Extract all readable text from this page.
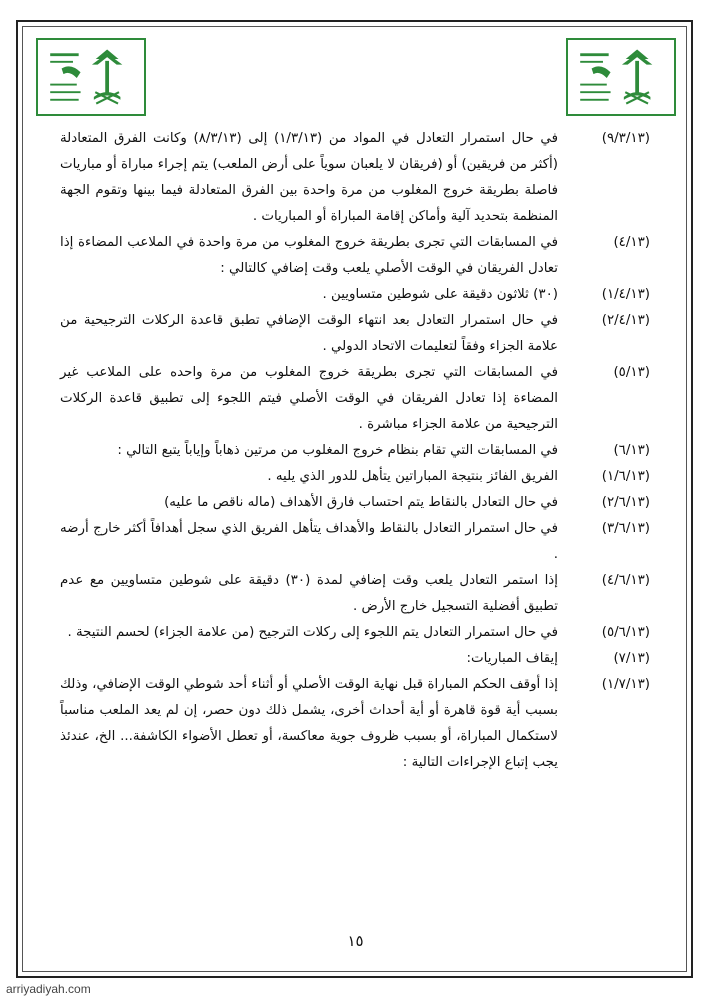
(٩/٣/١٣)
في حال استمرار التعادل في المواد من (١/٣/١٣) إلى (٨/٣/١٣) وكانت الفرق المتعادلة (أكثر من فريقين) أو (فريقان لا يلعبان سوياً على أرض الملعب) يتم إجراء مباراة أو مباريات فاصلة بطريقة خروج المغلوب من مرة واحدة بين الفرق المتعادلة فيما بينها وتقوم الجهة المنظمة بتحديد آلية وأماكن إقامة المباراة أو المباريات .
(٤/١٣)
في المسابقات التي تجرى بطريقة خروج المغلوب من مرة واحدة في الملاعب المضاءة إذا تعادل الفريقان في الوقت الأصلي يلعب وقت إضافي كالتالي :
(١/٤/١٣)
(٣٠) ثلاثون دقيقة على شوطين متساويين .
(٢/٤/١٣)
في حال استمرار التعادل بعد انتهاء الوقت الإضافي تطبق قاعدة الركلات الترجيحية من علامة الجزاء وفقاً لتعليمات الاتحاد الدولي .
(٥/١٣)
في المسابقات التي تجرى بطريقة خروج المغلوب من مرة واحده على الملاعب غير المضاءة إذا تعادل الفريقان في الوقت الأصلي فيتم اللجوء إلى تطبيق قاعدة الركلات الترجيحية من علامة الجزاء مباشرة .
(٦/١٣)
في المسابقات التي تقام بنظام خروج المغلوب من مرتين ذهاباً وإياباً يتبع التالي :
(١/٦/١٣)
الفريق الفائز بنتيجة المباراتين يتأهل للدور الذي يليه .
(٢/٦/١٣)
في حال التعادل بالنقاط يتم احتساب فارق الأهداف (ماله ناقص ما عليه)
(٣/٦/١٣)
في حال استمرار التعادل بالنقاط والأهداف يتأهل الفريق الذي سجل أهدافاً أكثر خارج أرضه .
(٤/٦/١٣)
إذا استمر التعادل يلعب وقت إضافي لمدة (٣٠) دقيقة على شوطين متساويين مع عدم تطبيق أفضلية التسجيل خارج الأرض .
(٥/٦/١٣)
في حال استمرار التعادل يتم اللجوء إلى ركلات الترجيح (من علامة الجزاء) لحسم النتيجة .
(٧/١٣)
إيقاف المباريات:
(١/٧/١٣)
إذا أوقف الحكم المباراة قبل نهاية الوقت الأصلي أو أثناء أحد شوطي الوقت الإضافي، وذلك بسبب أية قوة قاهرة أو أية أحداث أخرى، يشمل ذلك دون حصر، إن لم يعد الملعب مناسباً لاستكمال المباراة، أو بسبب ظروف جوية معاكسة، أو تعطل الأضواء الكاشفة... الخ، عندئذ يجب إتباع الإجراءات التالية :
١٥
arriyadiyah.com
